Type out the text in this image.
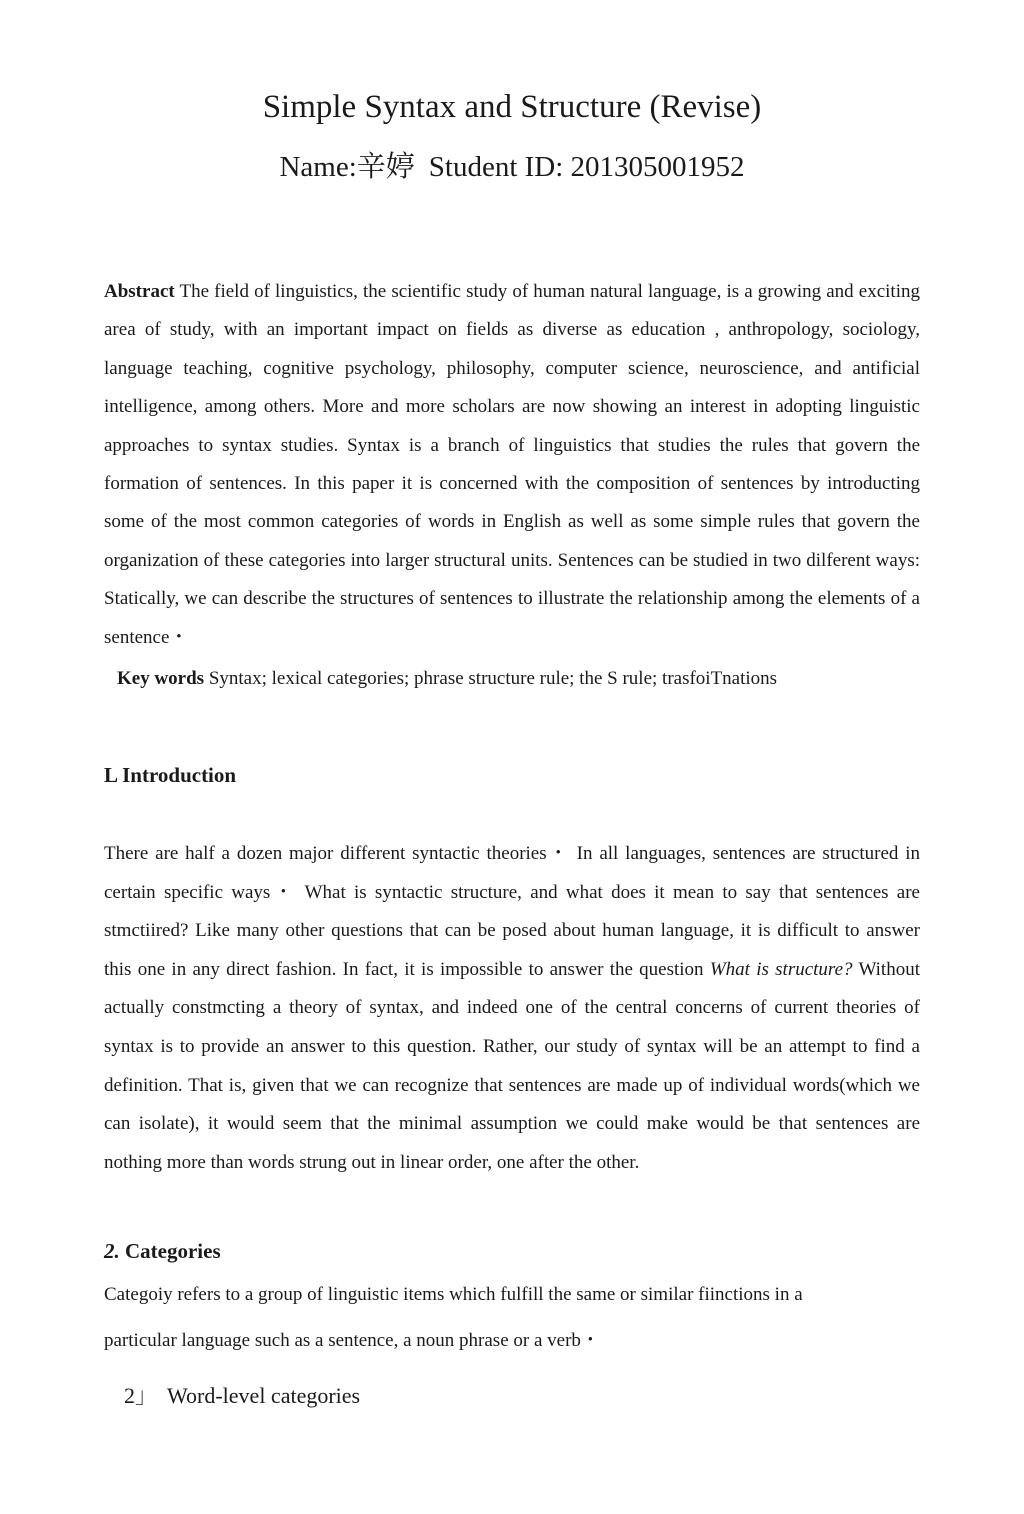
Simple Syntax and Structure (Revise)
Name:辛婷 Student ID: 201305001952

Abstract The field of linguistics, the scientific study of human natural language, is a growing and exciting area of study, with an important impact on fields as diverse as education , anthropology, sociology, language teaching, cognitive psychology, philosophy, computer science, neuroscience, and antificial intelligence, among others. More and more scholars are now showing an interest in adopting linguistic approaches to syntax studies. Syntax is a branch of linguistics that studies the rules that govern the formation of sentences. In this paper it is concerned with the composition of sentences by introducting some of the most common categories of words in English as well as some simple rules that govern the organization of these categories into larger structural units. Sentences can be studied in two dilferent ways: Statically, we can describe the structures of sentences to illustrate the relationship among the elements of a sentence・

Key words Syntax; lexical categories; phrase structure rule; the S rule; trasfoiTnations
L Introduction

There are half a dozen major different syntactic theories・ In all languages, sentences are structured in certain specific ways・ What is syntactic structure, and what does it mean to say that sentences are stmctiired? Like many other questions that can be posed about human language, it is difficult to answer this one in any direct fashion. In fact, it is impossible to answer the question What is structure? Without actually constmcting a theory of syntax, and indeed one of the central concerns of current theories of syntax is to provide an answer to this question. Rather, our study of syntax will be an attempt to find a definition. That is, given that we can recognize that sentences are made up of individual words(which we can isolate), it would seem that the minimal assumption we could make would be that sentences are nothing more than words strung out in linear order, one after the other.

2. Categories
Categoiy refers to a group of linguistic items which fulfill the same or similar fiinctions in a
particular language such as a sentence, a noun phrase or a verb・
2」 Word-level categories
